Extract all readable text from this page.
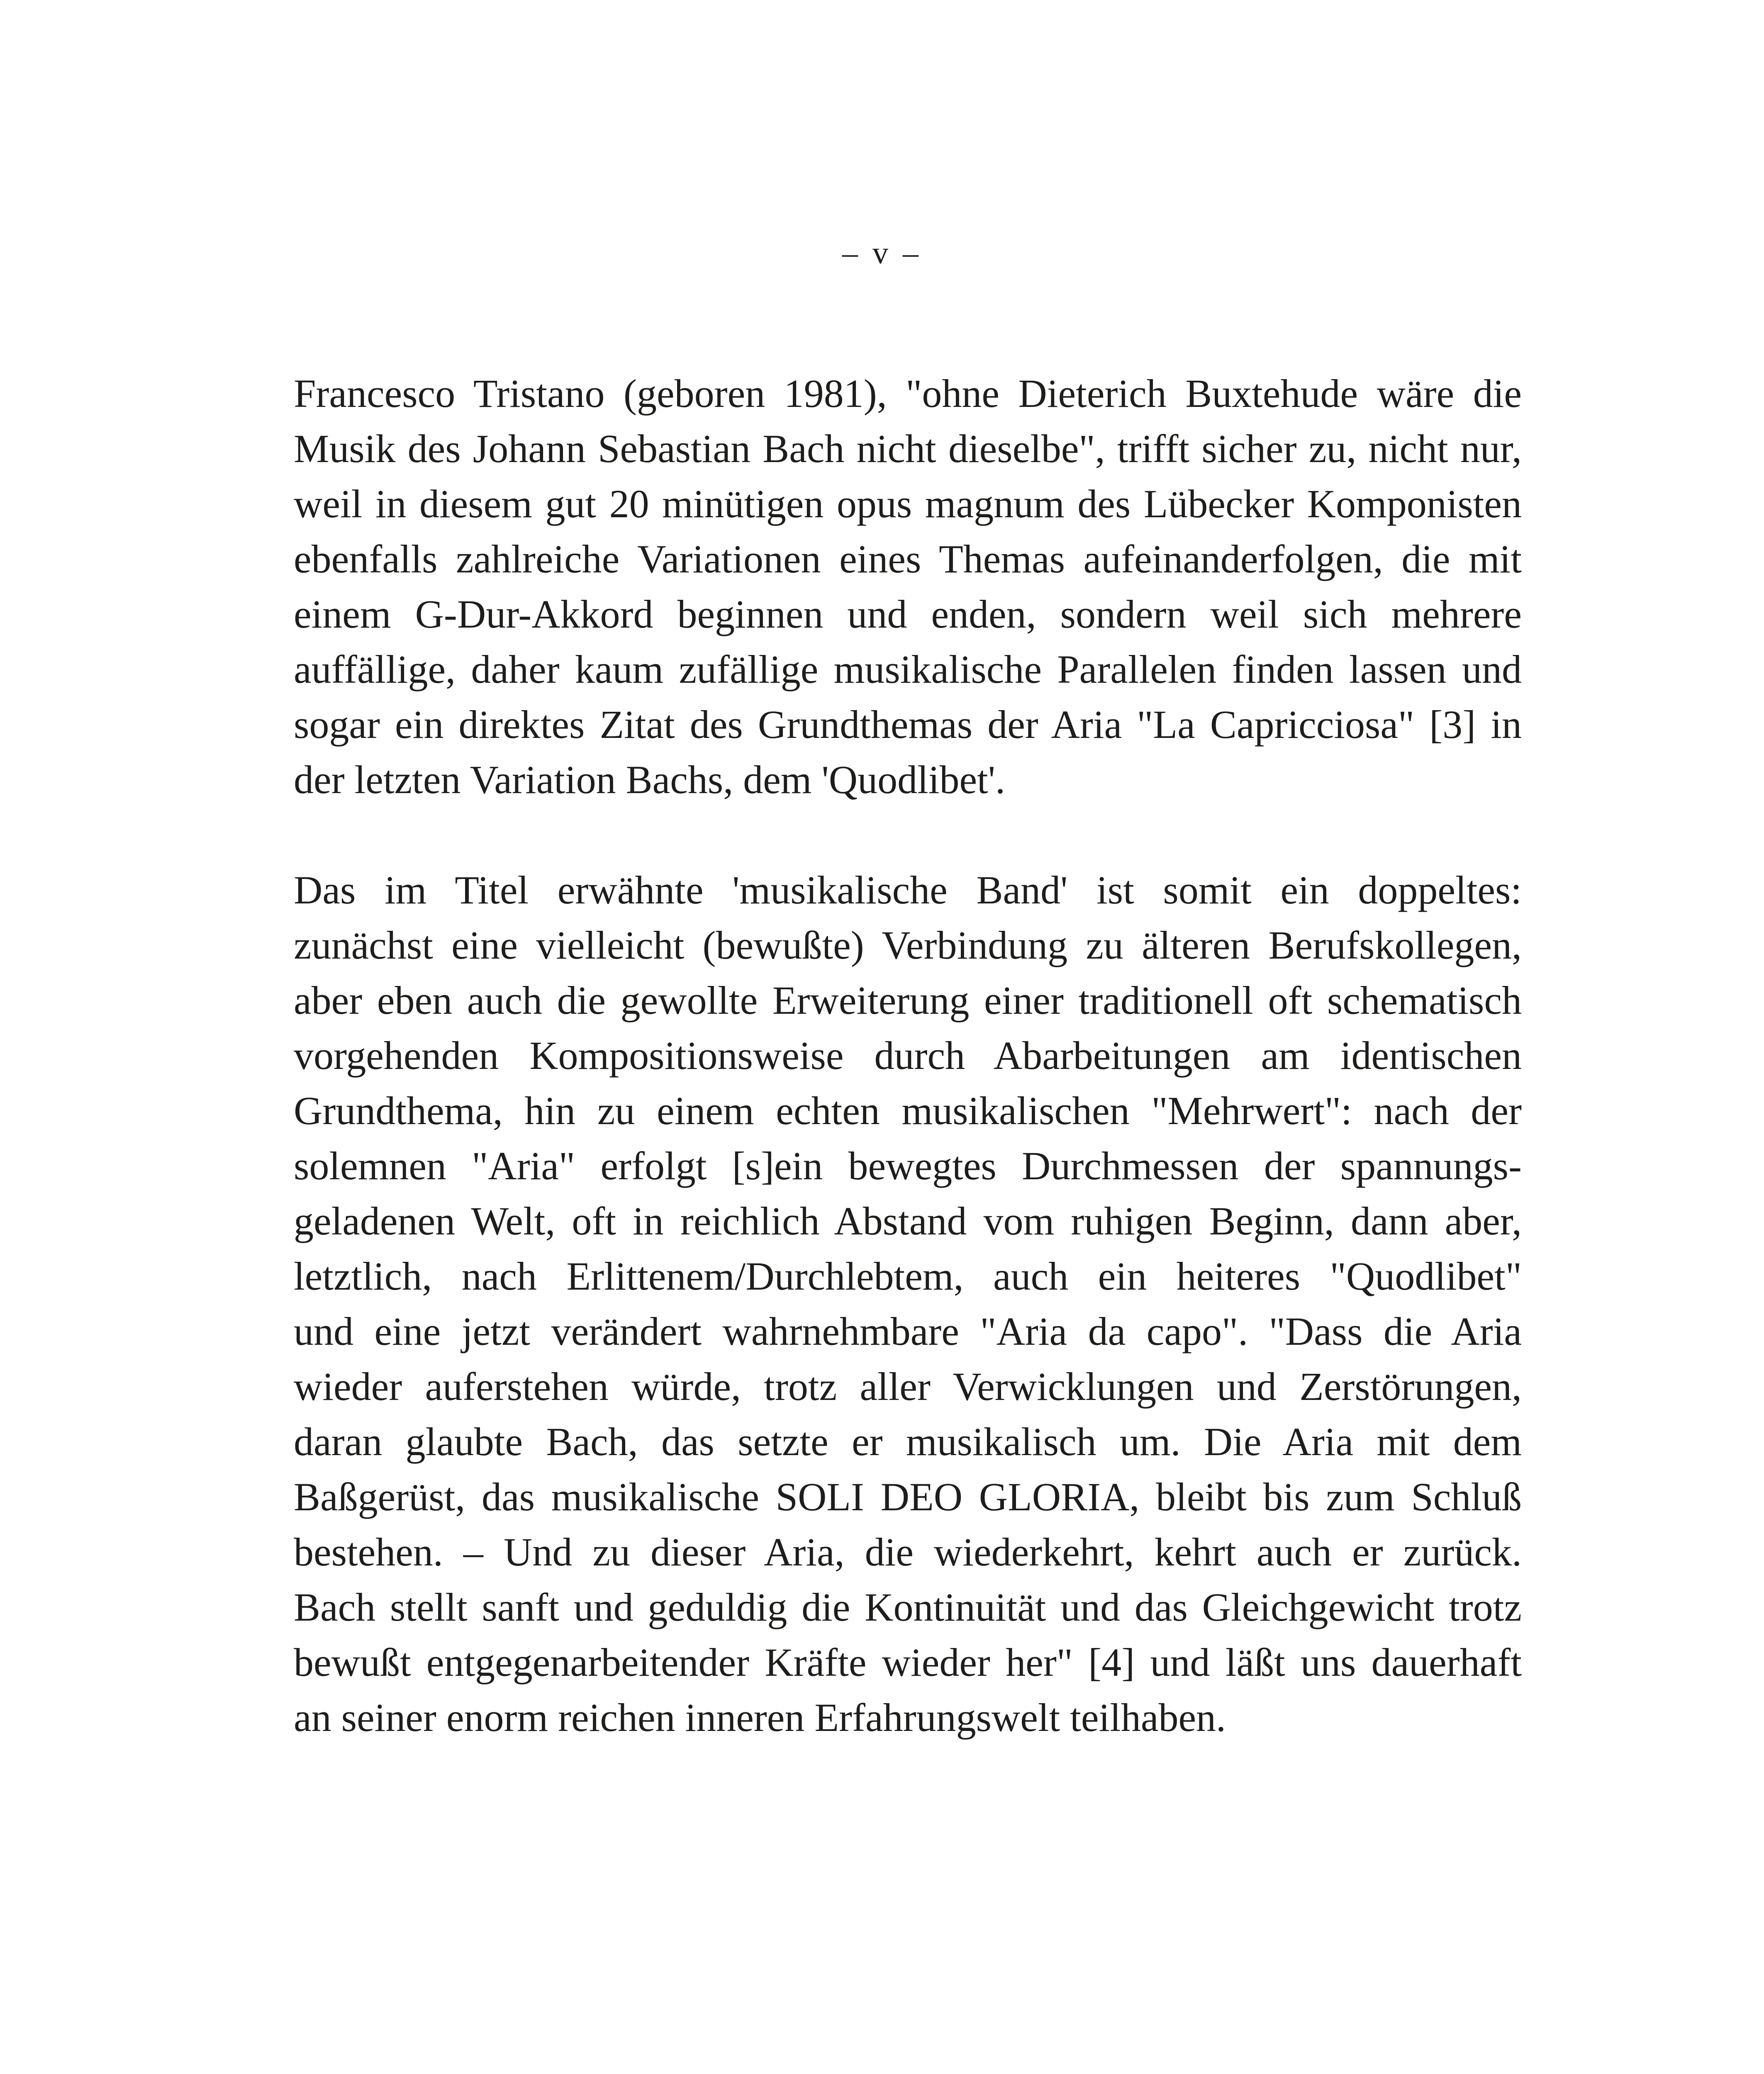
– v –
Francesco Tristano (geboren 1981), "ohne Dieterich Buxtehude wäre die
Musik des Johann Sebastian Bach nicht dieselbe", trifft sicher zu, nicht nur,
weil in diesem gut 20 minütigen opus magnum des Lübecker Komponisten
ebenfalls zahlreiche Variationen eines Themas aufeinanderfolgen, die mit
einem G-Dur-Akkord beginnen und enden, sondern weil sich mehrere
auffällige, daher kaum zufällige musikalische Parallelen finden lassen und
sogar ein direktes Zitat des Grundthemas der Aria "La Capricciosa" [3] in
der letzten Variation Bachs, dem 'Quodlibet'.
Das im Titel erwähnte 'musikalische Band' ist somit ein doppeltes:
zunächst eine vielleicht (bewußte) Verbindung zu älteren Berufskollegen,
aber eben auch die gewollte Erweiterung einer traditionell oft schematisch
vorgehenden Kompositionsweise durch Abarbeitungen am identischen
Grundthema, hin zu einem echten musikalischen "Mehrwert": nach der
solemnen "Aria" erfolgt [s]ein bewegtes Durchmessen der spannungs-
geladenen Welt, oft in reichlich Abstand vom ruhigen Beginn, dann aber,
letztlich, nach Erlittenem/Durchlebtem, auch ein heiteres "Quodlibet"
und eine jetzt verändert wahrnehmbare "Aria da capo". "Dass die Aria
wieder auferstehen würde, trotz aller Verwicklungen und Zerstörungen,
daran glaubte Bach, das setzte er musikalisch um. Die Aria mit dem
Baßgerüst, das musikalische SOLI DEO GLORIA, bleibt bis zum Schluß
bestehen. – Und zu dieser Aria, die wiederkehrt, kehrt auch er zurück.
Bach stellt sanft und geduldig die Kontinuität und das Gleichgewicht trotz
bewußt entgegenarbeitender Kräfte wieder her" [4] und läßt uns dauerhaft
an seiner enorm reichen inneren Erfahrungswelt teilhaben.
